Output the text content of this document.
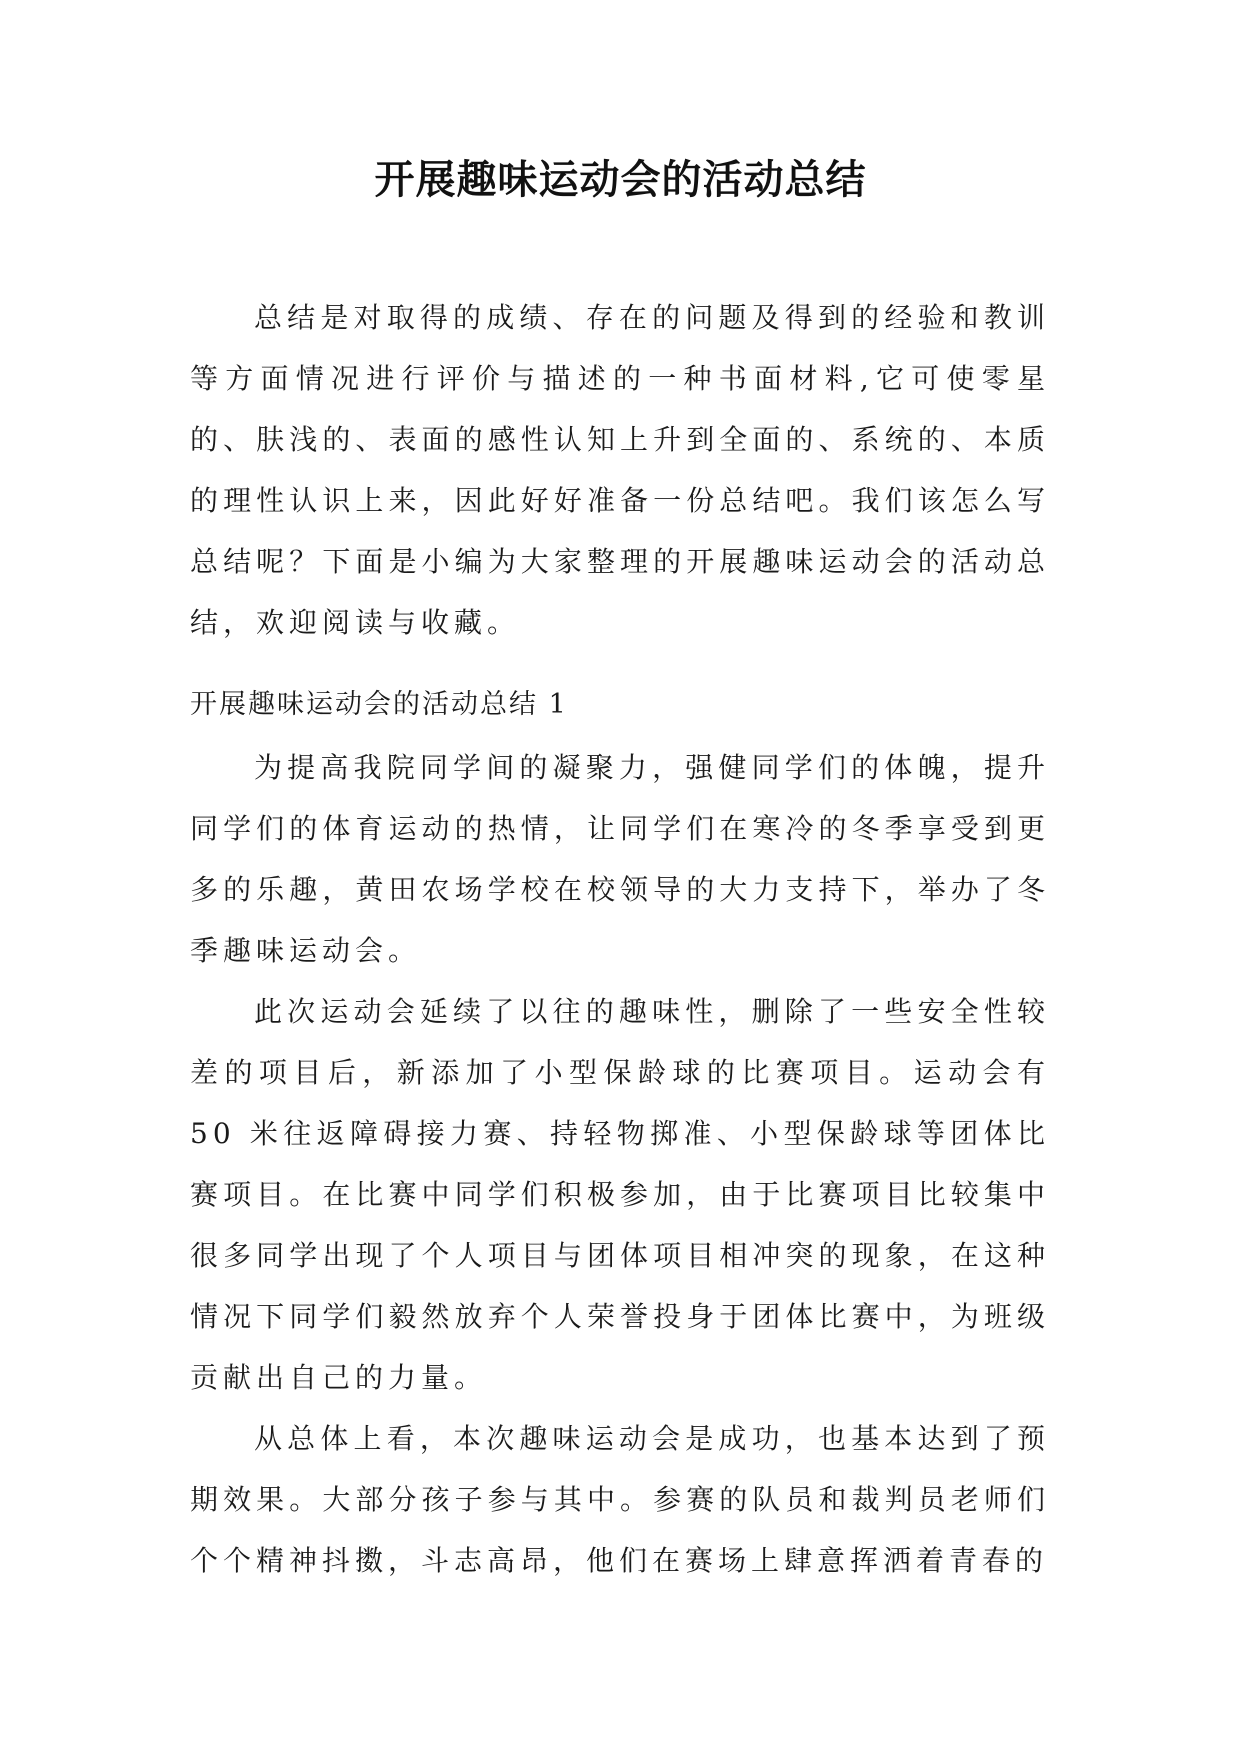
开展趣味运动会的活动总结

总结是对取得的成绩、存在的问题及得到的经验和教训等方面情况进行评价与描述的一种书面材料,它可使零星的、肤浅的、表面的感性认知上升到全面的、系统的、本质的理性认识上来，因此好好准备一份总结吧。我们该怎么写总结呢？下面是小编为大家整理的开展趣味运动会的活动总结，欢迎阅读与收藏。

开展趣味运动会的活动总结 1

为提高我院同学间的凝聚力，强健同学们的体魄，提升同学们的体育运动的热情，让同学们在寒冷的冬季享受到更多的乐趣，黄田农场学校在校领导的大力支持下，举办了冬季趣味运动会。

此次运动会延续了以往的趣味性，删除了一些安全性较差的项目后，新添加了小型保龄球的比赛项目。运动会有 50 米往返障碍接力赛、持轻物掷准、小型保龄球等团体比赛项目。在比赛中同学们积极参加，由于比赛项目比较集中很多同学出现了个人项目与团体项目相冲突的现象，在这种情况下同学们毅然放弃个人荣誉投身于团体比赛中，为班级贡献出自己的力量。

从总体上看，本次趣味运动会是成功，也基本达到了预期效果。大部分孩子参与其中。参赛的队员和裁判员老师们个个精神抖擞，斗志高昂，他们在赛场上肆意挥洒着青春的
